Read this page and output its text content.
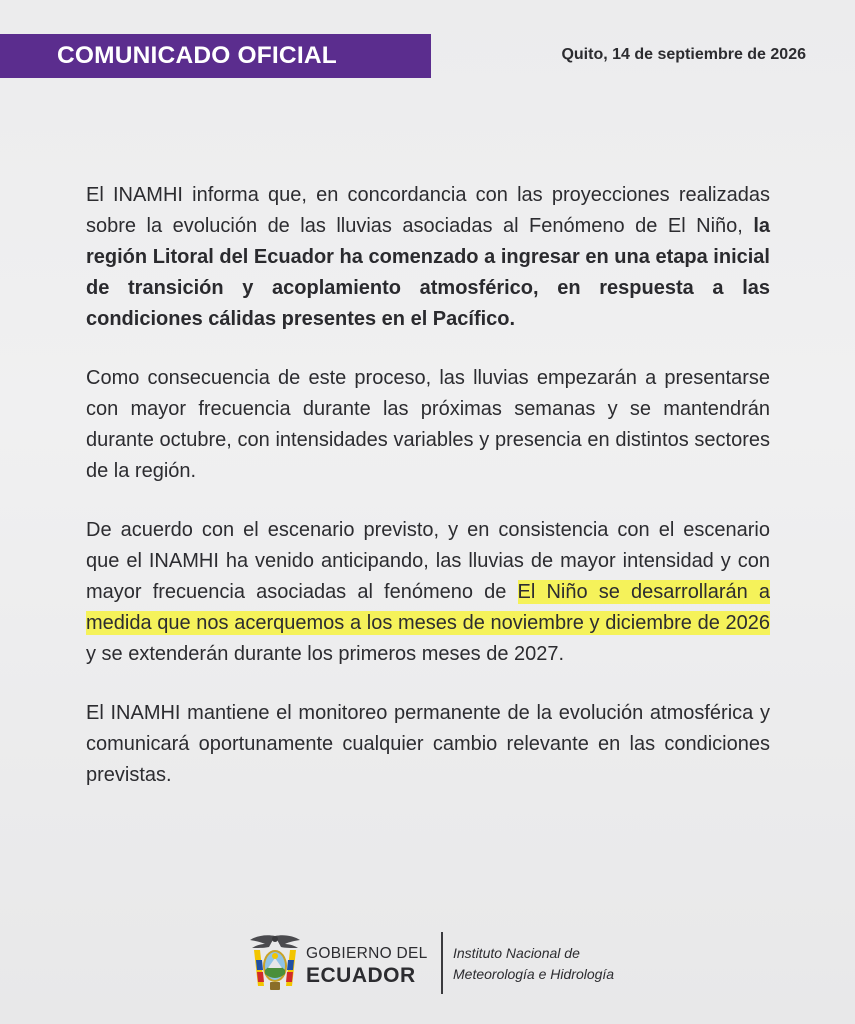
COMUNICADO OFICIAL	Quito, 14 de septiembre de 2026

El INAMHI informa que, en concordancia con las proyecciones realizadas sobre la evolución de las lluvias asociadas al Fenómeno de El Niño, la región Litoral del Ecuador ha comenzado a ingresar en una etapa inicial de transición y acoplamiento atmosférico, en respuesta a las condiciones cálidas presentes en el Pacífico.

Como consecuencia de este proceso, las lluvias empezarán a presentarse con mayor frecuencia durante las próximas semanas y se mantendrán durante octubre, con intensidades variables y presencia en distintos sectores de la región.

De acuerdo con el escenario previsto, y en consistencia con el escenario que el INAMHI ha venido anticipando, las lluvias de mayor intensidad y con mayor frecuencia asociadas al fenómeno de El Niño se desarrollarán a medida que nos acerquemos a los meses de noviembre y diciembre de 2026 y se extenderán durante los primeros meses de 2027.

El INAMHI mantiene el monitoreo permanente de la evolución atmosférica y comunicará oportunamente cualquier cambio relevante en las condiciones previstas.

GOBIERNO DEL
ECUADOR
Instituto Nacional de
Meteorología e Hidrología
